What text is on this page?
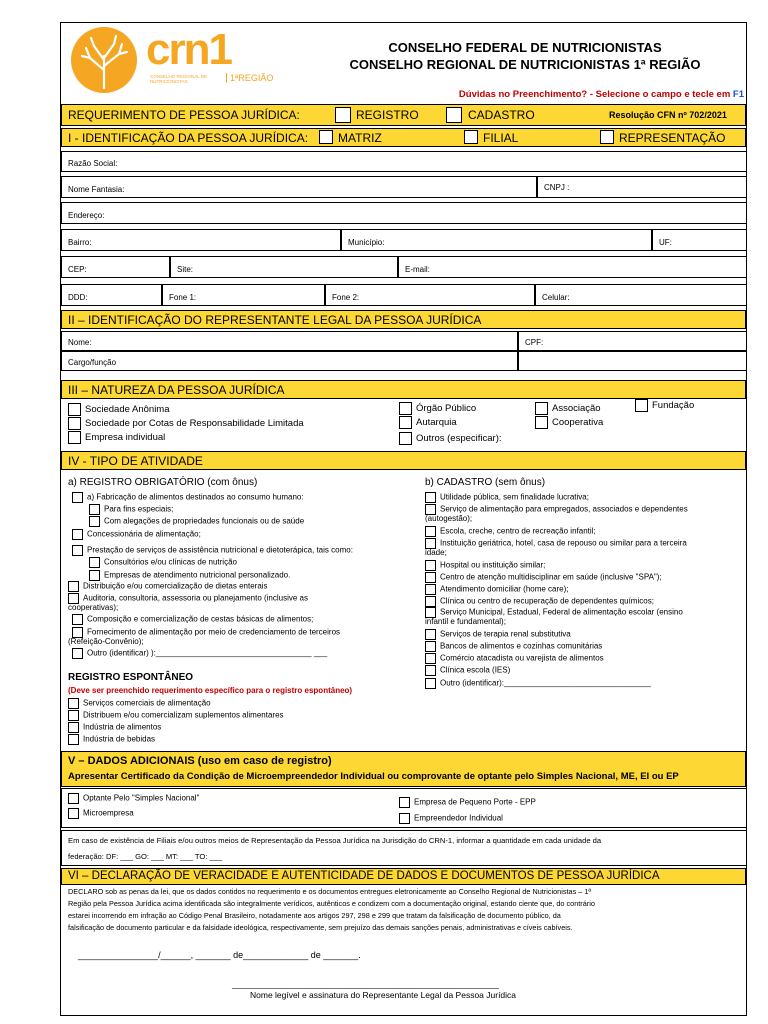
crn1
CONSELHO REGIONAL DE NUTRICIONISTAS	1ªREGIÃO
CONSELHO FEDERAL DE NUTRICIONISTAS
CONSELHO REGIONAL DE NUTRICIONISTAS 1ª REGIÃO
Dúvidas no Preenchimento? - Selecione o campo e tecle em F1
REQUERIMENTO DE PESSOA JURÍDICA:	REGISTRO	CADASTRO	Resolução CFN nº 702/2021
I - IDENTIFICAÇÃO DA PESSOA JURÍDICA: MATRIZ	FILIAL	REPRESENTAÇÃO
Razão Social:
Nome Fantasia:	CNPJ :
Endereço:
Bairro:	Município:	UF:
CEP:	Site:	E-mail:
DDD:	Fone 1:	Fone 2:	Celular:
II – IDENTIFICAÇÃO DO REPRESENTANTE LEGAL DA PESSOA JURÍDICA
Nome:	CPF:
Cargo/função
III – NATUREZA DA PESSOA JURÍDICA
Sociedade Anônima
Sociedade por Cotas de Responsabilidade Limitada
Empresa individual
Órgão Público
Autarquia
Outros (especificar):
Associação
Cooperativa
Fundação
IV - TIPO DE ATIVIDADE
a) REGISTRO OBRIGATÓRIO (com ônus)
a) Fabricação de alimentos destinados ao consumo humano:
Para fins especiais;
Com alegações de propriedades funcionais ou de saúde
Concessionária de alimentação;
Prestação de serviços de assistência nutricional e dietoterápica, tais como:
Consultórios e/ou clínicas de nutrição
Empresas de atendimento nutricional personalizado.
Distribuição e/ou comercialização de dietas enterais
Auditoria, consultoria, assessoria ou planejamento (inclusive as
cooperativas);
Composição e comercialização de cestas básicas de alimentos;
Fornecimento de alimentação por meio de credenciamento de terceiros
(Refeição-Convênio);
Outro (identificar) ):___________________________________ ___
REGISTRO ESPONTÂNEO
(Deve ser preenchido requerimento específico para o registro espontâneo)
Serviços comerciais de alimentação
Distribuem e/ou comercializam suplementos alimentares
Indústria de alimentos
Indústria de bebidas
b) CADASTRO (sem ônus)
Utilidade pública, sem finalidade lucrativa;
Serviço de alimentação para empregados, associados e dependentes
(autogestão);
Escola, creche, centro de recreação infantil;
Instituição geriátrica, hotel, casa de repouso ou similar para a terceira
idade;
Hospital ou instituição similar;
Centro de atenção multidisciplinar em saúde (inclusive "SPA");
Atendimento domiciliar (home care);
Clínica ou centro de recuperação de dependentes químicos;
Serviço Municipal, Estadual, Federal de alimentação escolar (ensino
infantil e fundamental);
Serviços de terapia renal substitutiva
Bancos de alimentos e cozinhas comunitárias
Comércio atacadista ou varejista de alimentos
Clínica escola (IES)
Outro (identificar):_________________________________
V – DADOS ADICIONAIS (uso em caso de registro)
Apresentar Certificado da Condição de Microempreendedor Individual ou comprovante de optante pelo Simples Nacional, ME, EI ou EP
Optante Pelo "Simples Nacional"
Microempresa
Empresa de Pequeno Porte - EPP
Empreendedor Individual
Em caso de existência de Filiais e/ou outros meios de Representação da Pessoa Jurídica na Jurisdição do CRN-1, informar a quantidade em cada unidade da
federação: DF: ___ GO: ___ MT: ___ TO: ___
VI – DECLARAÇÃO DE VERACIDADE E AUTENTICIDADE DE DADOS E DOCUMENTOS DE PESSOA JURÍDICA
DECLARO sob as penas da lei, que os dados contidos no requerimento e os documentos entregues eletronicamente ao Conselho Regional de Nutricionistas – 1ª
Região pela Pessoa Jurídica acima identificada são integralmente verídicos, autênticos e condizem com a documentação original, estando ciente que, do contrário
estarei incorrendo em infração ao Código Penal Brasileiro, notadamente aos artigos 297, 298 e 299 que tratam da falsificação de documento público, da
falsificação de documento particular e da falsidade ideológica, respectivamente, sem prejuízo das demais sanções penais, administrativas e cíveis cabíveis.
________________/______, _______ de_____________ de _______.
____________________________________________________________
Nome legível e assinatura do Representante Legal da Pessoa Jurídica
